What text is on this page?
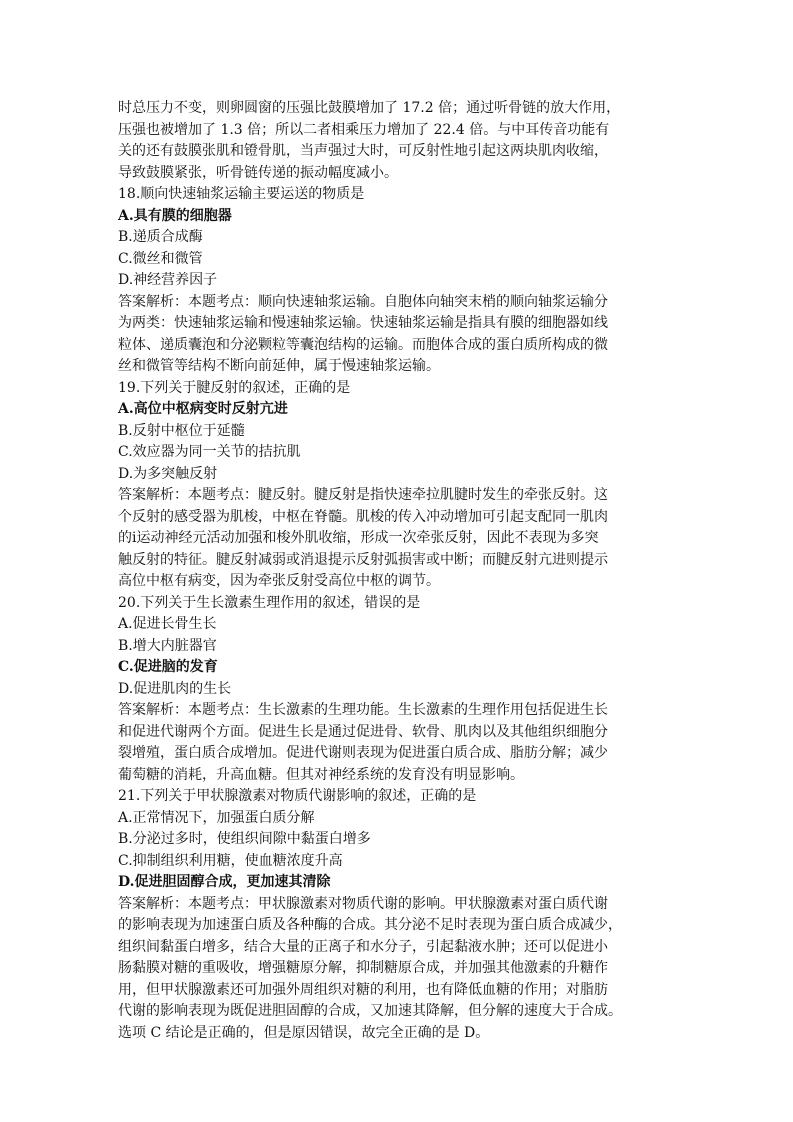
时总压力不变，则卵圆窗的压强比鼓膜增加了 17.2 倍；通过听骨链的放大作用，

压强也被增加了 1.3 倍；所以二者相乘压力增加了 22.4 倍。与中耳传音功能有

关的还有鼓膜张肌和镫骨肌，当声强过大时，可反射性地引起这两块肌肉收缩，

导致鼓膜紧张，听骨链传递的振动幅度减小。

18.顺向快速轴浆运输主要运送的物质是

A.具有膜的细胞器

B.递质合成酶

C.微丝和微管

D.神经营养因子

答案解析：本题考点：顺向快速轴浆运输。自胞体向轴突末梢的顺向轴浆运输分

为两类：快速轴浆运输和慢速轴浆运输。快速轴浆运输是指具有膜的细胞器如线

粒体、递质囊泡和分泌颗粒等囊泡结构的运输。而胞体合成的蛋白质所构成的微

丝和微管等结构不断向前延伸，属于慢速轴浆运输。

19.下列关于腱反射的叙述，正确的是

A.高位中枢病变时反射亢进

B.反射中枢位于延髓

C.效应器为同一关节的拮抗肌

D.为多突触反射

答案解析：本题考点：腱反射。腱反射是指快速牵拉肌腱时发生的牵张反射。这

个反射的感受器为肌梭，中枢在脊髓。肌梭的传入冲动增加可引起支配同一肌肉

的ⅰ运动神经元活动加强和梭外肌收缩，形成一次牵张反射，因此不表现为多突

触反射的特征。腱反射减弱或消退提示反射弧损害或中断；而腱反射亢进则提示

高位中枢有病变，因为牵张反射受高位中枢的调节。

20.下列关于生长激素生理作用的叙述，错误的是

A.促进长骨生长

B.增大内脏器官

C.促进脑的发育

D.促进肌肉的生长

答案解析：本题考点：生长激素的生理功能。生长激素的生理作用包括促进生长

和促进代谢两个方面。促进生长是通过促进骨、软骨、肌肉以及其他组织细胞分

裂增殖，蛋白质合成增加。促进代谢则表现为促进蛋白质合成、脂肪分解；减少

葡萄糖的消耗，升高血糖。但其对神经系统的发育没有明显影响。

21.下列关于甲状腺激素对物质代谢影响的叙述，正确的是

A.正常情况下，加强蛋白质分解

B.分泌过多时，使组织间隙中黏蛋白增多

C.抑制组织利用糖，使血糖浓度升高

D.促进胆固醇合成，更加速其清除

答案解析：本题考点：甲状腺激素对物质代谢的影响。甲状腺激素对蛋白质代谢

的影响表现为加速蛋白质及各种酶的合成。其分泌不足时表现为蛋白质合成减少，

组织间黏蛋白增多，结合大量的正离子和水分子，引起黏液水肿；还可以促进小

肠黏膜对糖的重吸收，增强糖原分解，抑制糖原合成，并加强其他激素的升糖作

用，但甲状腺激素还可加强外周组织对糖的利用，也有降低血糖的作用；对脂肪

代谢的影响表现为既促进胆固醇的合成，又加速其降解，但分解的速度大于合成。

选项 C 结论是正确的，但是原因错误，故完全正确的是 D。
